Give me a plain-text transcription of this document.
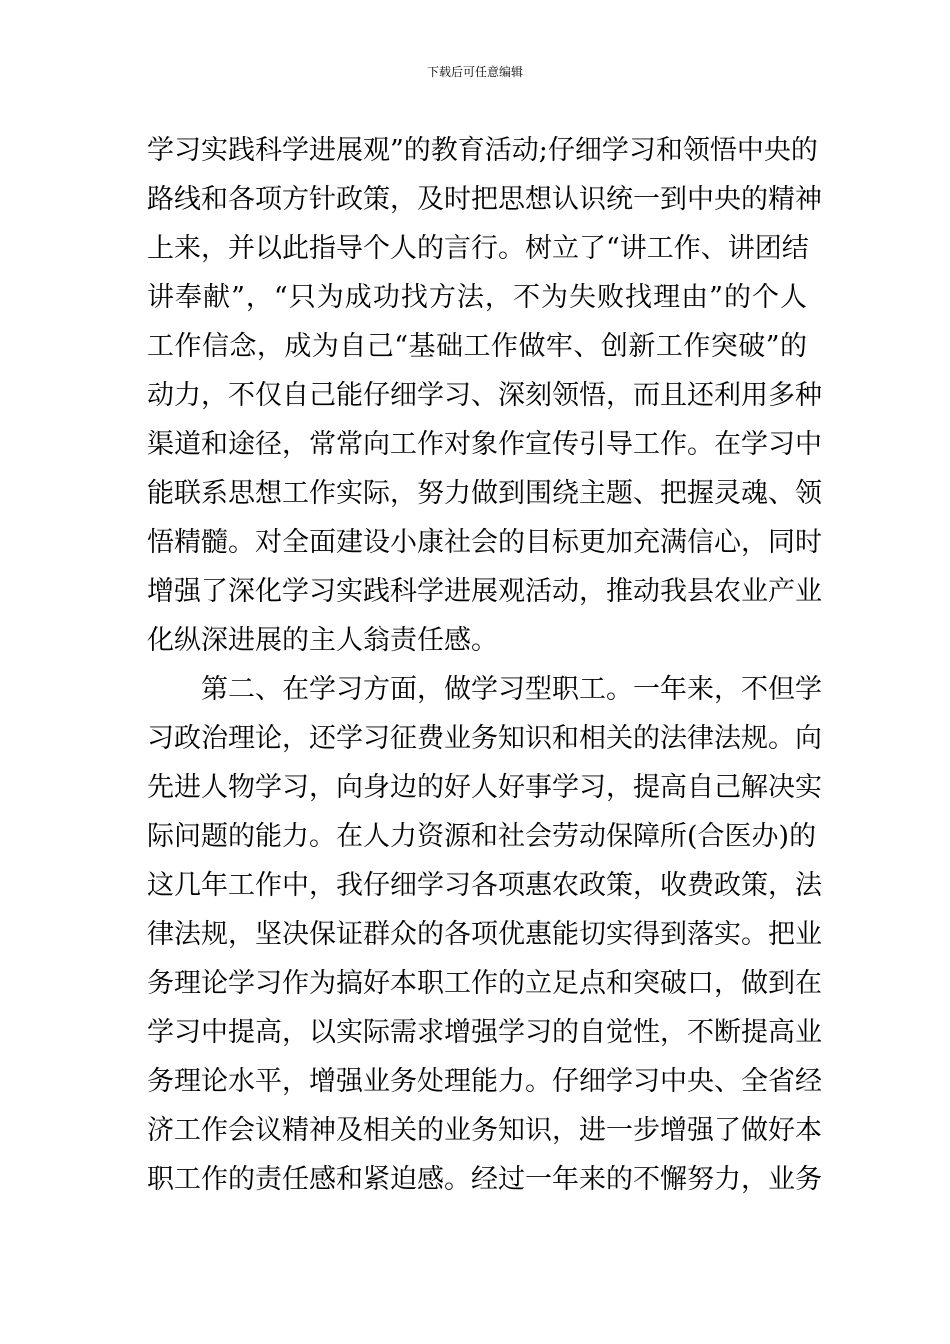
下载后可任意编辑
学习实践科学进展观”的教育活动;仔细学习和领悟中央的
路线和各项方针政策，及时把思想认识统一到中央的精神
上来，并以此指导个人的言行。树立了“讲工作、讲团结
讲奉献”，“只为成功找方法，不为失败找理由”的个人
工作信念，成为自己“基础工作做牢、创新工作突破”的
动力，不仅自己能仔细学习、深刻领悟，而且还利用多种
渠道和途径，常常向工作对象作宣传引导工作。在学习中
能联系思想工作实际，努力做到围绕主题、把握灵魂、领
悟精髓。对全面建设小康社会的目标更加充满信心，同时
增强了深化学习实践科学进展观活动，推动我县农业产业
化纵深进展的主人翁责任感。
第二、在学习方面，做学习型职工。一年来，不但学
习政治理论，还学习征费业务知识和相关的法律法规。向
先进人物学习，向身边的好人好事学习，提高自己解决实
际问题的能力。在人力资源和社会劳动保障所(合医办)的
这几年工作中，我仔细学习各项惠农政策，收费政策，法
律法规，坚决保证群众的各项优惠能切实得到落实。把业
务理论学习作为搞好本职工作的立足点和突破口，做到在
学习中提高，以实际需求增强学习的自觉性，不断提高业
务理论水平，增强业务处理能力。仔细学习中央、全省经
济工作会议精神及相关的业务知识，进一步增强了做好本
职工作的责任感和紧迫感。经过一年来的不懈努力，业务
